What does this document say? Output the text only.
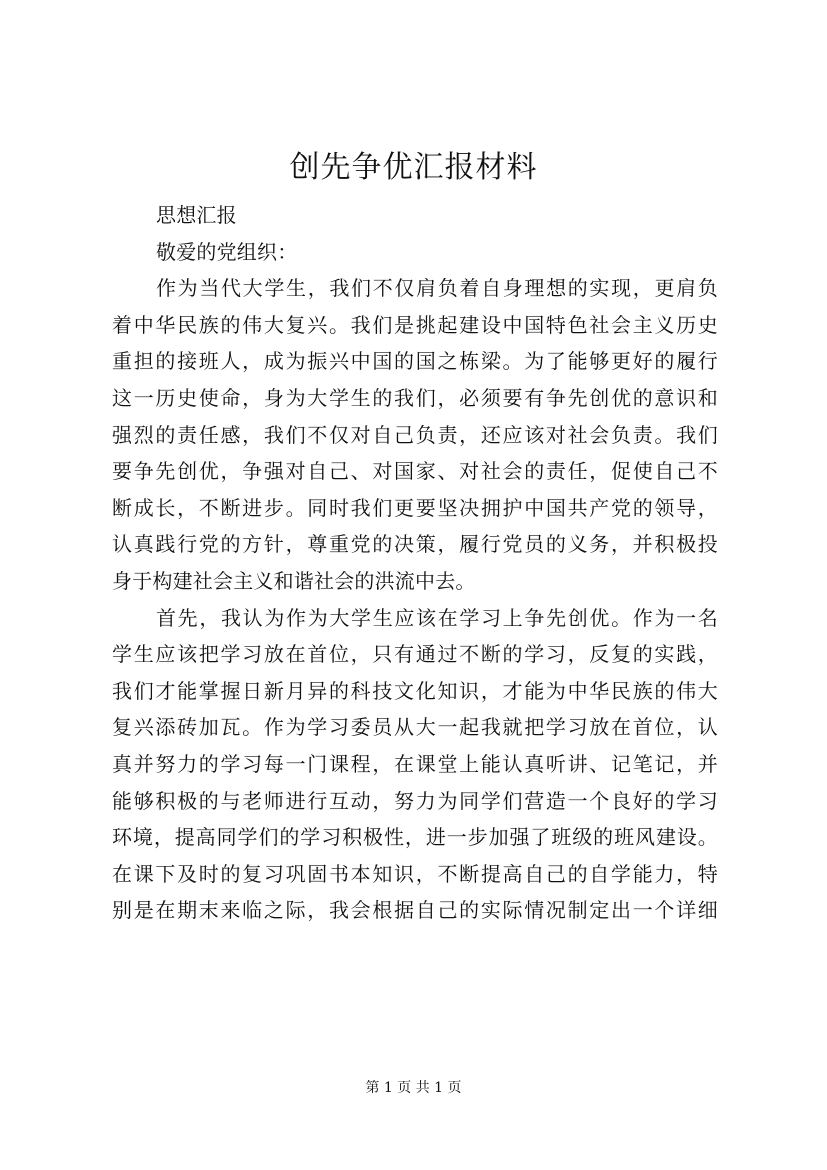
创先争优汇报材料
思想汇报
敬爱的党组织：
作为当代大学生，我们不仅肩负着自身理想的实现，更肩负
着中华民族的伟大复兴。我们是挑起建设中国特色社会主义历史
重担的接班人，成为振兴中国的国之栋梁。为了能够更好的履行
这一历史使命，身为大学生的我们，必须要有争先创优的意识和
强烈的责任感，我们不仅对自己负责，还应该对社会负责。我们
要争先创优，争强对自己、对国家、对社会的责任，促使自己不
断成长，不断进步。同时我们更要坚决拥护中国共产党的领导，
认真践行党的方针，尊重党的决策，履行党员的义务，并积极投
身于构建社会主义和谐社会的洪流中去。
首先，我认为作为大学生应该在学习上争先创优。作为一名
学生应该把学习放在首位，只有通过不断的学习，反复的实践，
我们才能掌握日新月异的科技文化知识，才能为中华民族的伟大
复兴添砖加瓦。作为学习委员从大一起我就把学习放在首位，认
真并努力的学习每一门课程，在课堂上能认真听讲、记笔记，并
能够积极的与老师进行互动，努力为同学们营造一个良好的学习
环境，提高同学们的学习积极性，进一步加强了班级的班风建设。
在课下及时的复习巩固书本知识，不断提高自己的自学能力，特
别是在期末来临之际，我会根据自己的实际情况制定出一个详细
第 1 页 共 1 页
